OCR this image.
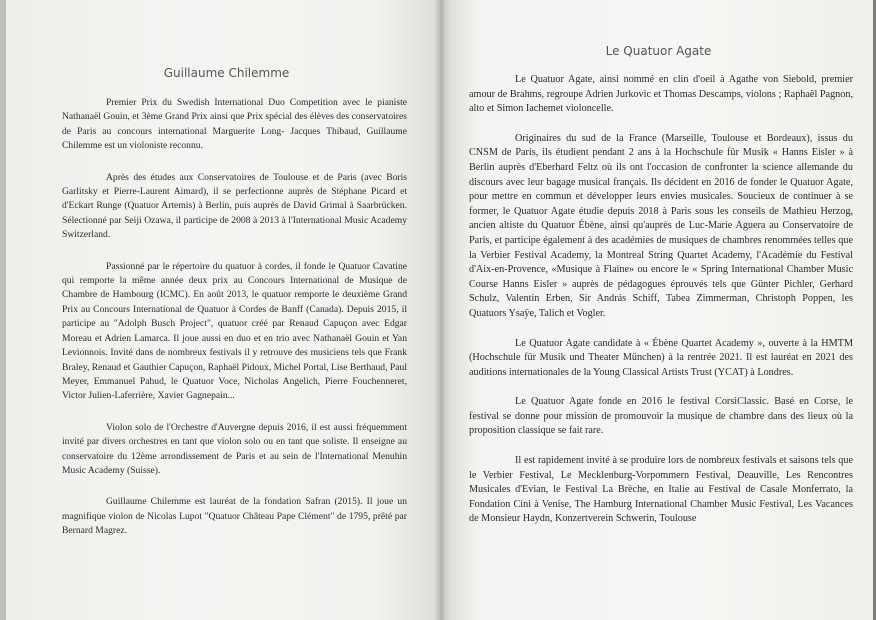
Guillaume Chilemme

Premier Prix du Swedish International Duo Competition avec le pianiste Nathanaël Gouin, et 3ème Grand Prix ainsi que Prix spécial des élèves des conservatoires de Paris au concours international Marguerite Long- Jacques Thibaud, Guillaume Chilemme est un violoniste reconnu.

Après des études aux Conservatoires de Toulouse et de Paris (avec Boris Garlitsky et Pierre-Laurent Aimard), il se perfectionne auprès de Stéphane Picard et d'Eckart Runge (Quatuor Artemis) à Berlin, puis auprès de David Grimal à Saarbrücken. Sélectionné par Seiji Ozawa, il participe de 2008 à 2013 à l'International Music Academy Switzerland.

Passionné par le répertoire du quatuor à cordes, il fonde le Quatuor Cavatine qui remporte la même année deux prix au Concours International de Musique de Chambre de Hambourg (ICMC). En août 2013, le quatuor remporte le deuxième Grand Prix au Concours International de Quatuor à Cordes de Banff (Canada). Depuis 2015, il participe au "Adolph Busch Project", quatuor créé par Renaud Capuçon avec Edgar Moreau et Adrien Lamarca. Il joue aussi en duo et en trio avec Nathanaël Gouin et Yan Levionnois. Invité dans de nombreux festivals il y retrouve des musiciens tels que Frank Braley, Renaud et Gauthier Capuçon, Raphaël Pidoux, Michel Portal, Lise Berthaud, Paul Meyer, Emmanuel Pahud, le Quatuor Voce, Nicholas Angelich, Pierre Fouchenneret, Victor Julien-Laferrière, Xavier Gagnepain...

Violon solo de l'Orchestre d'Auvergne depuis 2016, il est aussi fréquemment invité par divers orchestres en tant que violon solo ou en tant que soliste. Il enseigne au conservatoire du 12ème arrondissement de Paris et au sein de l'International Menuhin Music Academy (Suisse).

Guillaume Chilemme est lauréat de la fondation Safran (2015). Il joue un magnifique violon de Nicolas Lupot "Quatuor Château Pape Clément" de 1795, prêté par Bernard Magrez.

Le Quatuor Agate

Le Quatuor Agate, ainsi nommé en clin d'oeil à Agathe von Siebold, premier amour de Brahms, regroupe Adrien Jurkovic et Thomas Descamps, violons ; Raphaël Pagnon, alto et Simon Iachemet violoncelle.

Originaires du sud de la France (Marseille, Toulouse et Bordeaux), issus du CNSM de Paris, ils étudient pendant 2 ans à la Hochschule für Musik « Hanns Eisler » à Berlin auprès d'Eberhard Feltz où ils ont l'occasion de confronter la science allemande du discours avec leur bagage musical français. Ils décident en 2016 de fonder le Quatuor Agate, pour mettre en commun et développer leurs envies musicales. Soucieux de continuer à se former, le Quatuor Agate étudie depuis 2018 à Paris sous les conseils de Mathieu Herzog, ancien altiste du Quatuor Ébène, ainsi qu'auprès de Luc-Marie Aguera au Conservatoire de Paris, et participe également à des académies de musiques de chambres renommées telles que la Verbier Festival Academy, la Montreal String Quartet Academy, l'Académie du Festival d'Aix-en-Provence, «Musique à Flaine» ou encore le « Spring International Chamber Music Course Hanns Eisler » auprès de pédagogues éprouvés tels que Günter Pichler, Gerhard Schulz, Valentin Erben, Sir András Schiff, Tabea Zimmerman, Christoph Poppen, les Quatuors Ysaÿe, Talich et Vogler.

Le Quatuor Agate candidate à « Ébène Quartet Academy », ouverte à la HMTM (Hochschule für Musik und Theater München) à la rentrée 2021. Il est lauréat en 2021 des auditions internationales de la Young Classical Artists Trust (YCAT) à Londres.

Le Quatuor Agate fonde en 2016 le festival CorsiClassic. Basé en Corse, le festival se donne pour mission de promouvoir la musique de chambre dans des lieux où la proposition classique se fait rare.

Il est rapidement invité à se produire lors de nombreux festivals et saisons tels que le Verbier Festival, Le Mecklenburg-Vorpommern Festival, Deauville, Les Rencontres Musicales d'Evian, le Festival La Brèche, en Italie au Festival de Casale Monferrato, la Fondation Cini à Venise, The Hamburg International Chamber Music Festival, Les Vacances de Monsieur Haydn, Konzertverein Schwerin, Toulouse
